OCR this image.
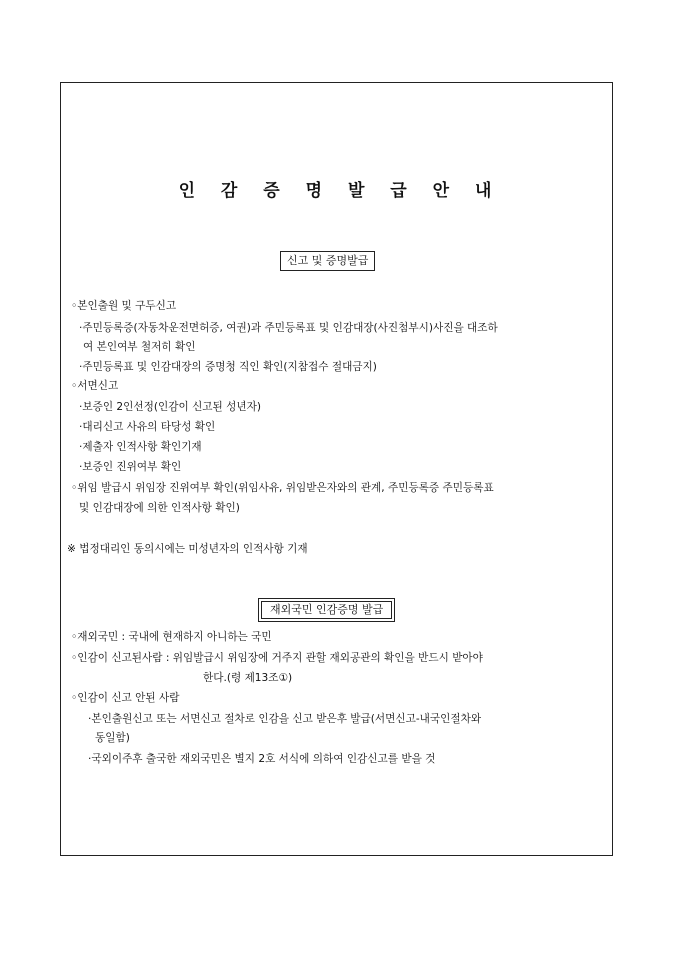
인 감 증 명 발 급 안 내
신고 및 증명발급
◦본인출원 및 구두신고
·주민등록증(자동차운전면허증, 여권)과 주민등록표 및 인감대장(사진첨부시)사진을 대조하
여 본인여부 철저히 확인
·주민등록표 및 인감대장의 증명청 직인 확인(지참접수 절대금지)
◦서면신고
·보증인 2인선정(인감이 신고된 성년자)
·대리신고 사유의 타당성 확인
·제출자 인적사항 확인기재
·보증인 진위여부 확인
◦위임 발급시 위임장 진위여부 확인(위임사유, 위임받은자와의 관계, 주민등록증 주민등록표
및 인감대장에 의한 인적사항 확인)
※ 법정대리인 동의시에는 미성년자의 인적사항 기재
재외국민 인감증명 발급
◦재외국민 : 국내에 현재하지 아니하는 국민
◦인감이 신고된사람 : 위임발급시 위임장에 거주지 관할 재외공관의 확인을 반드시 받아야
한다.(령 제13조①)
◦인감이 신고 안된 사람
·본인출원신고 또는 서면신고 절차로 인감을 신고 받은후 발급(서면신고-내국인절차와
동일함)
·국외이주후 출국한 재외국민은 별지 2호 서식에 의하여 인감신고를 받을 것
